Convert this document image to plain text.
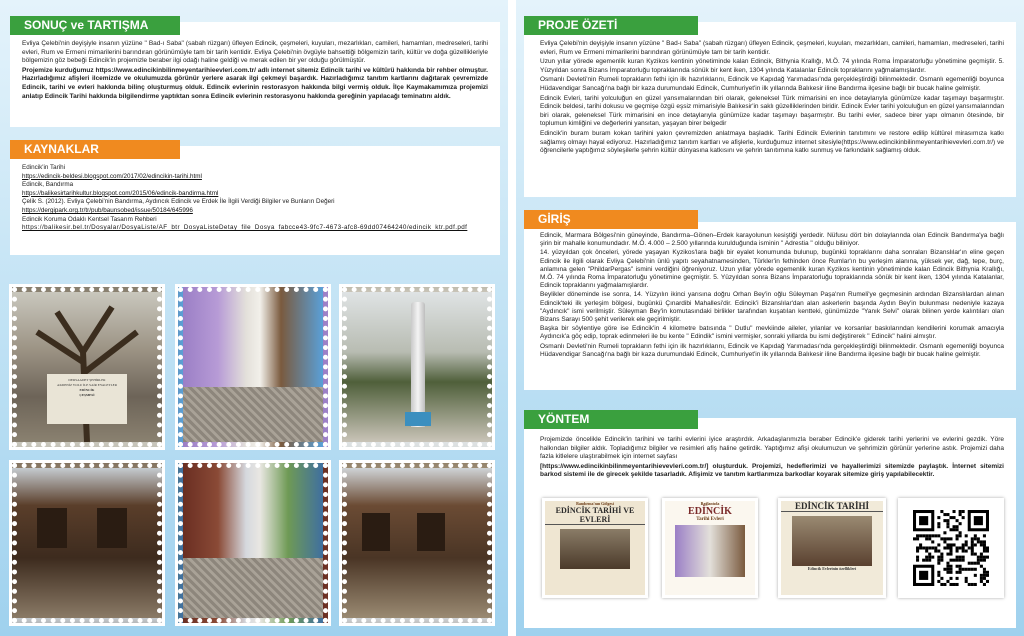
SONUÇ ve TARTIŞMA

Evliya Çelebi'nin deyişiyle insanın yüzüne " Bad-ı Saba" (sabah rüzgarı) üfleyen Edincik, çeşmeleri, kuyuları, mezarlıkları, camileri, hamamları, medreseleri, tarihi evleri, Rum ve Ermeni mimarilerini barındıran görünümüyle tam bir tarih kentidir. Evliya Çelebi'nin övgüyle bahsettiği bölgemizin tarih, kültür ve doğa güzellikleriyle bölgemizin göz bebeği Edincik'in projemizle beraber ilgi odağı haline geldiği ve merak edilen bir yer olduğu görülmüştür.

Projemize kurduğumuz https://www.edincikinbilinmeyentarihieevleri.com.tr/ adlı internet sitemiz Edincik tarihi ve kültürü hakkında bir rehber olmuştur. Hazırladığımız afişleri ilcemizde ve okulumuzda görünür yerlere asarak ilgi çekmeyi başardık. Hazırladığımız tanıtım kartlarını dağıtarak çevremizde Edincik, tarihi ve evleri hakkında bilinç oluşturmuş olduk. Edincik evlerinin restorasyon hakkında bilgi vermiş olduk. İlçe Kaymakamımıza projemizi anlatıp Edincik Tarihi hakkında bilgilendirme yaptıktan sonra Edincik evlerinin restorasyonu hakkında gereğinin yapılacağı teminatını aldık.

KAYNAKLAR

Edincik'in Tarihi

https://edincik-beldesi.blogspot.com/2017/02/edincikin-tarihi.html

Edincik, Bandırma

https://balikesirtarihkultur.blogspot.com/2015/06/edincik-bandirma.html

Çelik S. (2012). Evliya Çelebi'nin Bandırma, Aydıncık Edincik ve Erdek İle İlgili Verdiği Bilgiler ve Bunların Değeri

https://dergipark.org.tr/tr/pub/baunsobed/issue/50184/645996

Edincik Koruma Odaklı Kentsel Tasarım Rehberi

https://balikesir.bel.tr/Dosyalar/DosyaListe/AF_btr_DosyaListeDetay_file_Dosya_fabcce43-9fc7-4673-afc8-69dd07464240/edincik_ktr.pdf.pdf

DERSAADET ŞEHİRLER
AKDENİZ YOLU İLE SAİR EYALETLER
EDİNCİK
ÇEŞMESİ
PROJE ÖZETİ

Evliya Çelebi'nin deyişiyle insanın yüzüne " Bad-ı Saba" (sabah rüzgarı) üfleyen Edincik, çeşmeleri, kuyuları, mezarlıkları, camileri, hamamları, medreseleri, tarihi evleri, Rum ve Ermeni mimarilerini barındıran görünümüyle tam bir tarih kentidir.

Uzun yıllar yörede egemenlik kuran Kyzikos kentinin yönetiminde kalan Edincik, Bithynia Krallığı, M.Ö. 74 yılında Roma İmparatorluğu yönetimine geçmiştir. 5. Yüzyıldan sonra Bizans İmparatorluğu topraklarında sönük bir kent iken, 1304 yılında Katalanlar Edincik topraklarını yağmalamışlardır.

Osmanlı Devleti'nin Rumeli toprakların fethi için ilk hazırlıklarını, Edincik ve Kapıdağ Yarımadası'nda gerçekleştirdiği bilinmektedir. Osmanlı egemenliği boyunca Hüdavendigar Sancağı'na bağlı bir kaza durumundaki Edincik, Cumhuriyet'in ilk yıllarında Balıkesir iline Bandırma ilçesine bağlı bir bucak haline gelmiştir.

Edincik Evleri, tarihi yolculuğun en güzel yansımalarından biri olarak, geleneksel Türk mimarisini en ince detaylarıyla günümüze kadar taşımayı başarmıştır. Edincik beldesi, tarihi dokusu ve geçmişe özgü eşsiz mimarisiyle Balıkesir'in saklı güzelliklerinden biridir. Edincik Evler tarihi yolculuğun en güzel yansımalarından biri olarak, geleneksel Türk mimarisini en ince detaylarıyla günümüze kadar taşımayı başarmıştır. Bu tarihi evler, sadece birer yapı olmanın ötesinde, bir toplumun kimliğini ve değerlerini yansıtan, yaşayan birer belgedir

Edincik'in buram buram kokan tarihini yakın çevremizden anlatmaya başladık. Tarihi Edincik Evlerinin tanıtımını ve restore edilip kültürel mirasımıza katkı sağlamış olmayı hayal ediyoruz. Hazırladığımız tanıtım kartları ve afişlerle, kurduğumuz internet sitesiyle(https://www.edincikinbilinmeyentarihievevleri.com.tr/) ve öğrencilerle yaptığımız söyleşilerle şehrin kültür dünyasına katkısını ve şehrin tanıtımına katkı sunmuş ve farkındalık sağlamış olduk.

GİRİŞ

Edincik, Marmara Bölgesi'nin güneyinde, Bandırma–Gönen–Erdek karayolunun kesiştiği yerdedir. Nüfusu dört bin dolaylarında olan Edincik Bandırma'ya bağlı şirin bir mahalle konumundadır. M.Ö. 4.000 – 2.500 yıllarında kurulduğunda isminin " Adrestia " olduğu biliniyor.

14. yüzyıldan çok önceleri, yörede yaşayan Kyzikos'lara bağlı bir eyalet konumunda bulunup, bugünkü topraklarını daha sonraları Bizanslılar'ın eline geçen Edincik ile ilgili olarak Evliya Çelebi'nin ünlü yapıtı seyahatnamesinden, Türkler'in fethinden önce Rumlar'ın bu yerleşim alanına, yüksek yer, dağ, tepe, burç, anlamına gelen "PhildarPergas" ismini verdiğini öğreniyoruz. Uzun yıllar yörede egemenlik kuran Kyzikos kentinin yönetiminde kalan Edincik Bithynia Krallığı, M.Ö. 74 yılında Roma İmparatorluğu yönetimine geçmiştir. 5. Yüzyıldan sonra Bizans İmparatorluğu topraklarında sönük bir kent iken, 1304 yılında Katalanlar, Edincik topraklarını yağmalamışlardır.

Beylikler döneminde ise sonra, 14. Yüzyılın ikinci yarısına doğru Orhan Bey'in oğlu Süleyman Paşa'nın Rumeli'ye geçmesinin ardından Bizanslılardan alınan Edincik'teki ilk yerleşim bölgesi, bugünkü Çınardibi Mahallesi'dir. Edincik'i Bizanslılar'dan alan askerlerin başında Aydın Bey'in bulunması nedeniyle kazaya "Aydıncık" ismi verilmiştir. Süleyman Bey'in komutasındaki birlikler tarafından kuşatılan kentteki, günümüzde "Yanık Selvi" olarak bilinen yerde kalıntıları olan Bizans Sarayı 500 şehit verilerek ele geçirilmiştir.

Başka bir söylentiye göre ise Edincik'in 4 kilometre batısında " Dutlu" mevkiinde aileler, yılanlar ve korsanlar baskılarından kendilerini korumak amacıyla Aydıncık'a göç edip, toprak edinmeleri ile bu kente " Edindik" ismini vermişler, sonraki yıllarda bu ismi değiştirerek " Edincik" halini almıştır.

Osmanlı Devleti'nin Rumeli toprakların fethi için ilk hazırlıklarını, Edincik ve Kapıdağ Yarımadası'nda gerçekleştirdiği bilinmektedir. Osmanlı egemenliği boyunca Hüdavendigar Sancağı'na bağlı bir kaza durumundaki Edincik, Cumhuriyet'in ilk yıllarında Balıkesir iline Bandırma ilçesine bağlı bir bucak haline gelmiştir.

YÖNTEM

Projemizde öncelikle Edincik'in tarihini ve tarihi evlerini iyice araştırdık. Arkadaşlarımızla beraber Edincik'e giderek tarihi yerlerini ve evlerini gezdik. Yöre halkından bilgiler aldık. Topladığımız bilgiler ve resimleri afiş haline getirdik. Yaptığımız afişi okulumuzun ve şehrimizin görünür yerlerine astık. Projemizi daha fazla kitlelere ulaştırabilmek için internet sayfası

[https://www.edincikinbilinmeyentarihievevleri.com.tr/] oluşturduk. Projemizi, hedeflerimizi ve hayallerimizi sitemizde paylaştık. İnternet sitemizi barkod sistemi ile de girecek şekilde tasarladık. Afişimiz ve tanıtım kartlarımıza barkodlar koyarak sitemize giriş yapılabilecektir.

Bandırma'nın Gölgesi
EDİNCİK TARİHİ VE EVLERİ
Bağlantıda
EDİNCİK
Tarihi Evleri
EDİNCİK TARİHİ
Edincik Evlerinin özellikleri
